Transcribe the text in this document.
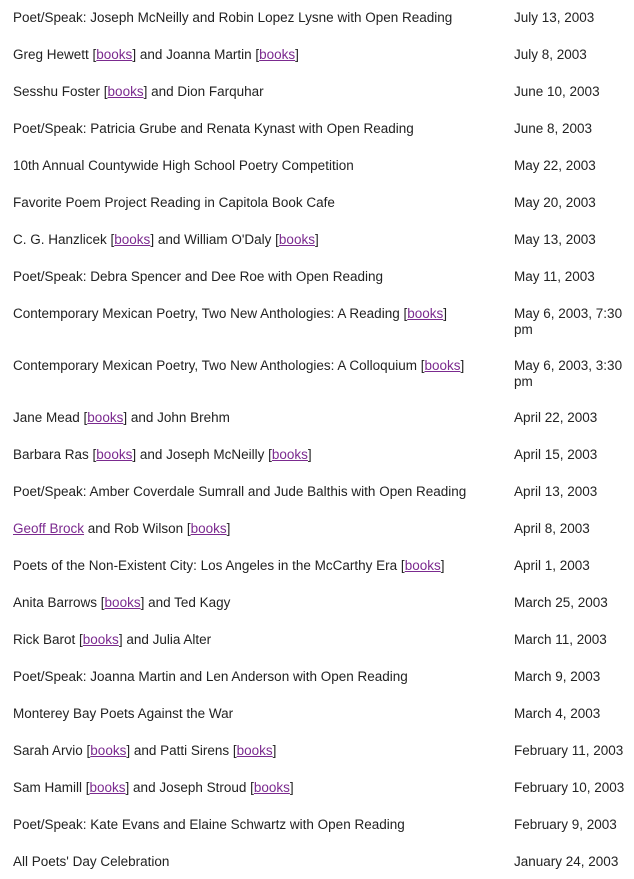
Poet/Speak: Joseph McNeilly and Robin Lopez Lysne with Open Reading	July 13, 2003
Greg Hewett [books] and Joanna Martin [books]	July 8, 2003
Sesshu Foster [books] and Dion Farquhar	June 10, 2003
Poet/Speak: Patricia Grube and Renata Kynast with Open Reading	June 8, 2003
10th Annual Countywide High School Poetry Competition	May 22, 2003
Favorite Poem Project Reading in Capitola Book Cafe	May 20, 2003
C. G. Hanzlicek [books] and William O'Daly [books]	May 13, 2003
Poet/Speak: Debra Spencer and Dee Roe with Open Reading	May 11, 2003
Contemporary Mexican Poetry, Two New Anthologies: A Reading [books]	May 6, 2003, 7:30 pm
Contemporary Mexican Poetry, Two New Anthologies: A Colloquium [books]	May 6, 2003, 3:30 pm
Jane Mead [books] and John Brehm	April 22, 2003
Barbara Ras [books] and Joseph McNeilly [books]	April 15, 2003
Poet/Speak: Amber Coverdale Sumrall and Jude Balthis with Open Reading	April 13, 2003
Geoff Brock and Rob Wilson [books]	April 8, 2003
Poets of the Non-Existent City: Los Angeles in the McCarthy Era [books]	April 1, 2003
Anita Barrows [books] and Ted Kagy	March 25, 2003
Rick Barot [books] and Julia Alter	March 11, 2003
Poet/Speak: Joanna Martin and Len Anderson with Open Reading	March 9, 2003
Monterey Bay Poets Against the War	March 4, 2003
Sarah Arvio [books] and Patti Sirens [books]	February 11, 2003
Sam Hamill [books] and Joseph Stroud [books]	February 10, 2003
Poet/Speak: Kate Evans and Elaine Schwartz with Open Reading	February 9, 2003
All Poets' Day Celebration	January 24, 2003
